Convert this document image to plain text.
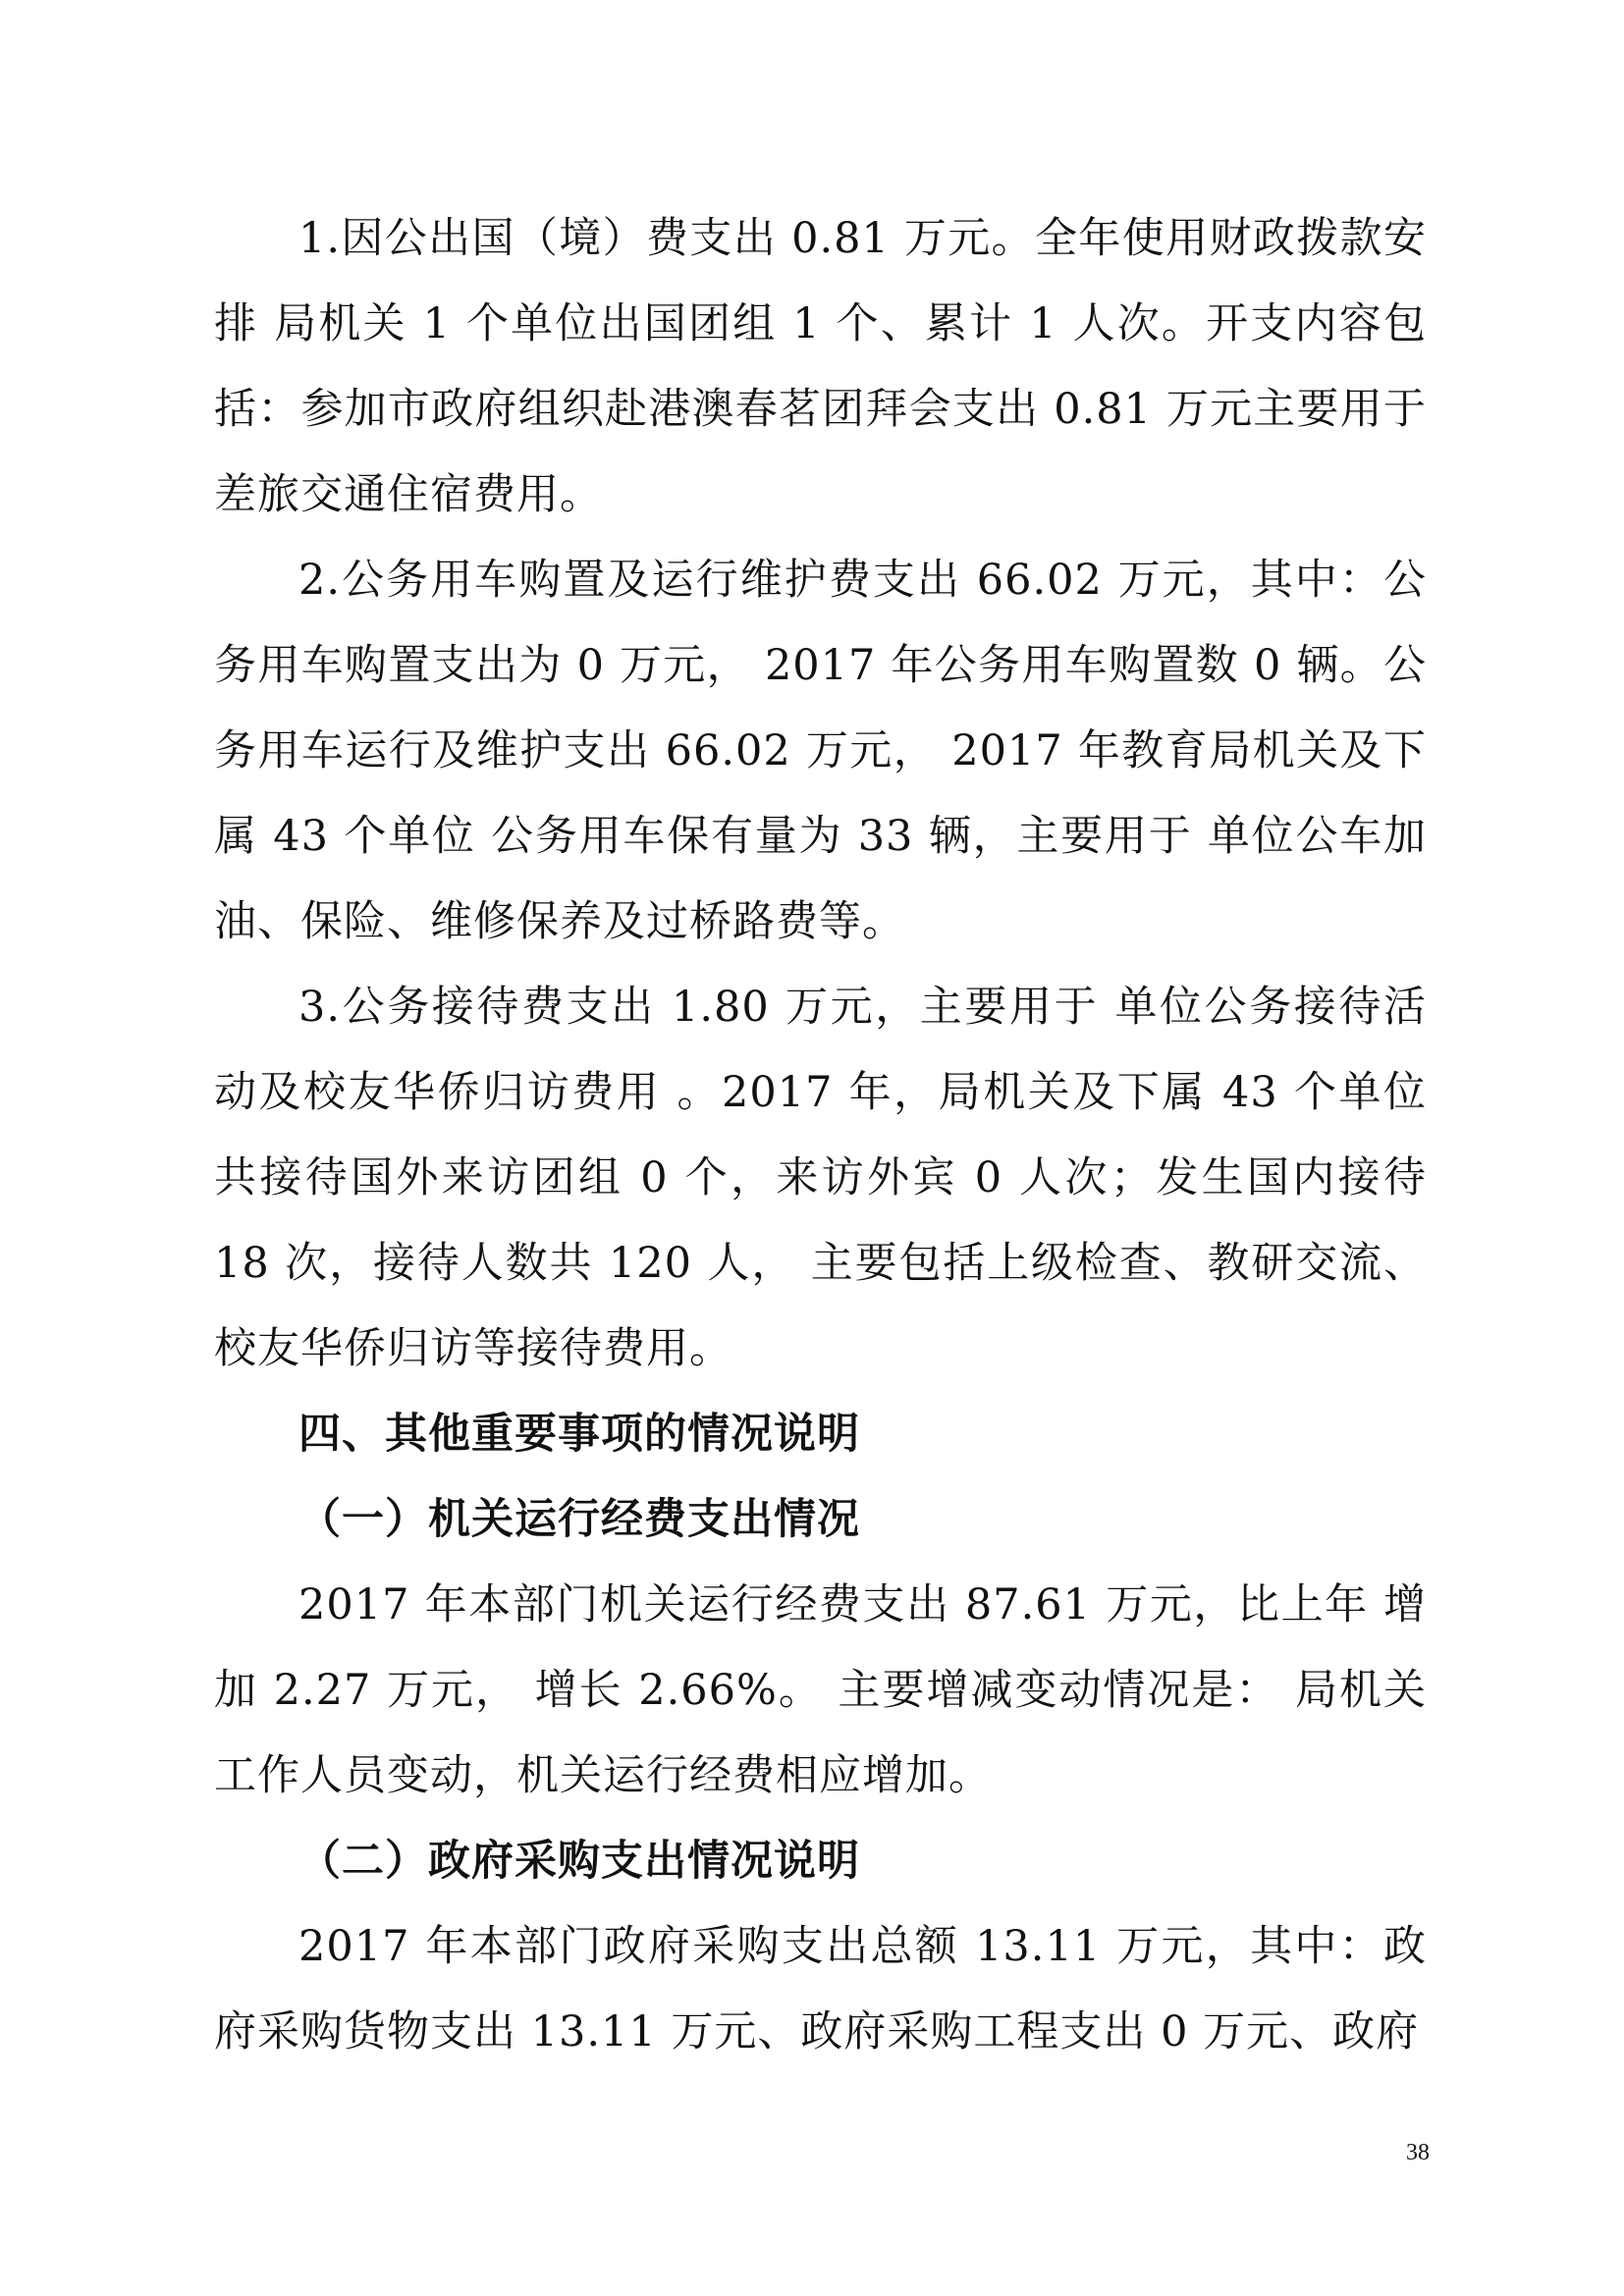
1.因公出国（境）费支出 0.81 万元。全年使用财政拨款安排 局机关 1 个单位出国团组 1 个、累计 1 人次。开支内容包括：参加市政府组织赴港澳春茗团拜会支出 0.81 万元主要用于差旅交通住宿费用。

2.公务用车购置及运行维护费支出 66.02 万元，其中：公务用车购置支出为 0 万元， 2017 年公务用车购置数 0 辆。公务用车运行及维护支出 66.02 万元， 2017 年教育局机关及下属 43 个单位 公务用车保有量为 33 辆，主要用于 单位公车加油、保险、维修保养及过桥路费等。

3.公务接待费支出 1.80 万元，主要用于 单位公务接待活动及校友华侨归访费用 。2017 年，局机关及下属 43 个单位 共接待国外来访团组 0 个，来访外宾 0 人次；发生国内接待 18 次，接待人数共 120 人， 主要包括上级检查、教研交流、校友华侨归访等接待费用。

四、其他重要事项的情况说明

（一）机关运行经费支出情况

2017 年本部门机关运行经费支出 87.61 万元，比上年 增加 2.27 万元， 增长 2.66%。 主要增减变动情况是： 局机关工作人员变动，机关运行经费相应增加。

（二）政府采购支出情况说明

2017 年本部门政府采购支出总额 13.11 万元，其中：政府采购货物支出 13.11 万元、政府采购工程支出 0 万元、政府

38
